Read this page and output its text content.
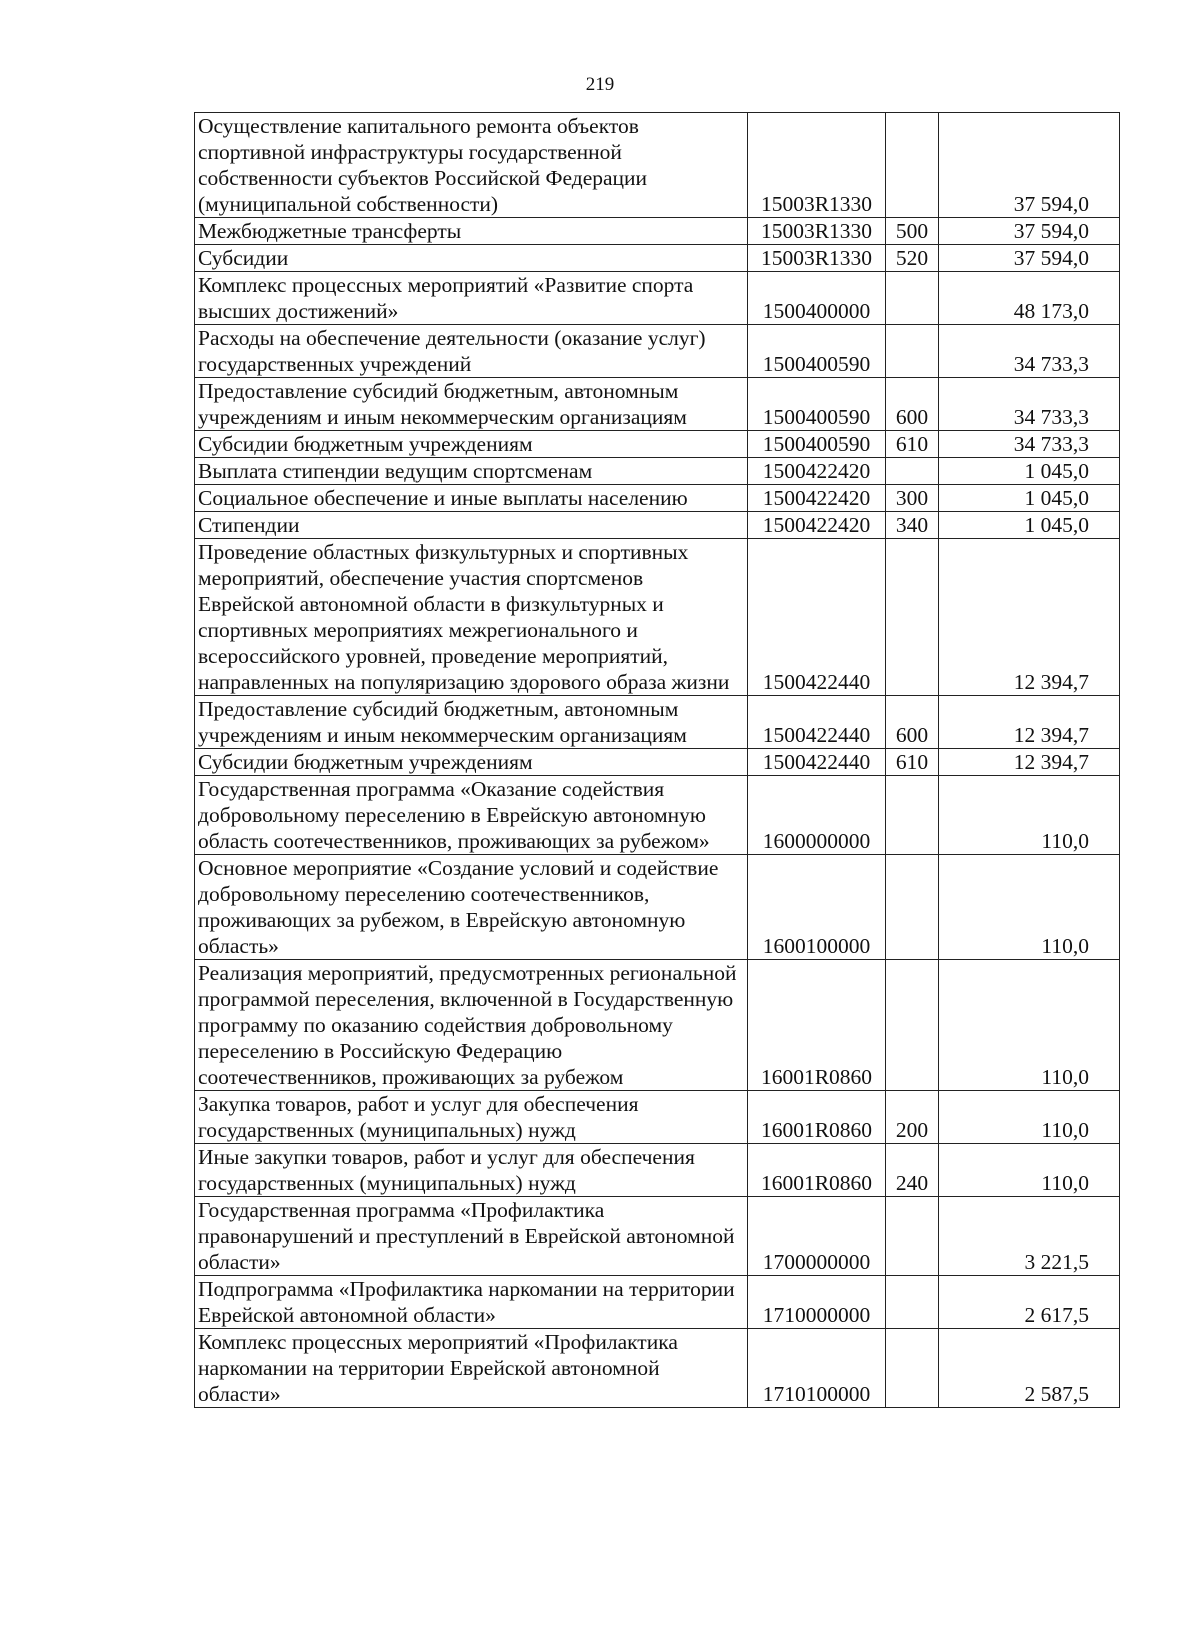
219
Осуществление капитального ремонта объектов спортивной инфраструктуры государственной собственности субъектов Российской Федерации (муниципальной собственности)	15003R1330		37 594,0
Межбюджетные трансферты	15003R1330	500	37 594,0
Субсидии	15003R1330	520	37 594,0
Комплекс процессных мероприятий «Развитие спорта высших достижений»	1500400000		48 173,0
Расходы на обеспечение деятельности (оказание услуг) государственных учреждений	1500400590		34 733,3
Предоставление субсидий бюджетным, автономным учреждениям и иным некоммерческим организациям	1500400590	600	34 733,3
Субсидии бюджетным учреждениям	1500400590	610	34 733,3
Выплата стипендии ведущим спортсменам	1500422420		1 045,0
Социальное обеспечение и иные выплаты населению	1500422420	300	1 045,0
Стипендии	1500422420	340	1 045,0
Проведение областных физкультурных и спортивных мероприятий, обеспечение участия спортсменов Еврейской автономной области в физкультурных и спортивных мероприятиях межрегионального и всероссийского уровней, проведение мероприятий, направленных на популяризацию здорового образа жизни	1500422440		12 394,7
Предоставление субсидий бюджетным, автономным учреждениям и иным некоммерческим организациям	1500422440	600	12 394,7
Субсидии бюджетным учреждениям	1500422440	610	12 394,7
Государственная программа «Оказание содействия добровольному переселению в Еврейскую автономную область соотечественников, проживающих за рубежом»	1600000000		110,0
Основное мероприятие «Создание условий и содействие добровольному переселению соотечественников, проживающих за рубежом, в Еврейскую автономную область»	1600100000		110,0
Реализация мероприятий, предусмотренных региональной программой переселения, включенной в Государственную программу по оказанию содействия добровольному переселению в Российскую Федерацию соотечественников, проживающих за рубежом	16001R0860		110,0
Закупка товаров, работ и услуг для обеспечения государственных (муниципальных) нужд	16001R0860	200	110,0
Иные закупки товаров, работ и услуг для обеспечения государственных (муниципальных) нужд	16001R0860	240	110,0
Государственная программа «Профилактика правонарушений и преступлений в Еврейской автономной области»	1700000000		3 221,5
Подпрограмма «Профилактика наркомании на территории Еврейской автономной области»	1710000000		2 617,5
Комплекс процессных мероприятий «Профилактика наркомании на территории Еврейской автономной области»	1710100000		2 587,5
